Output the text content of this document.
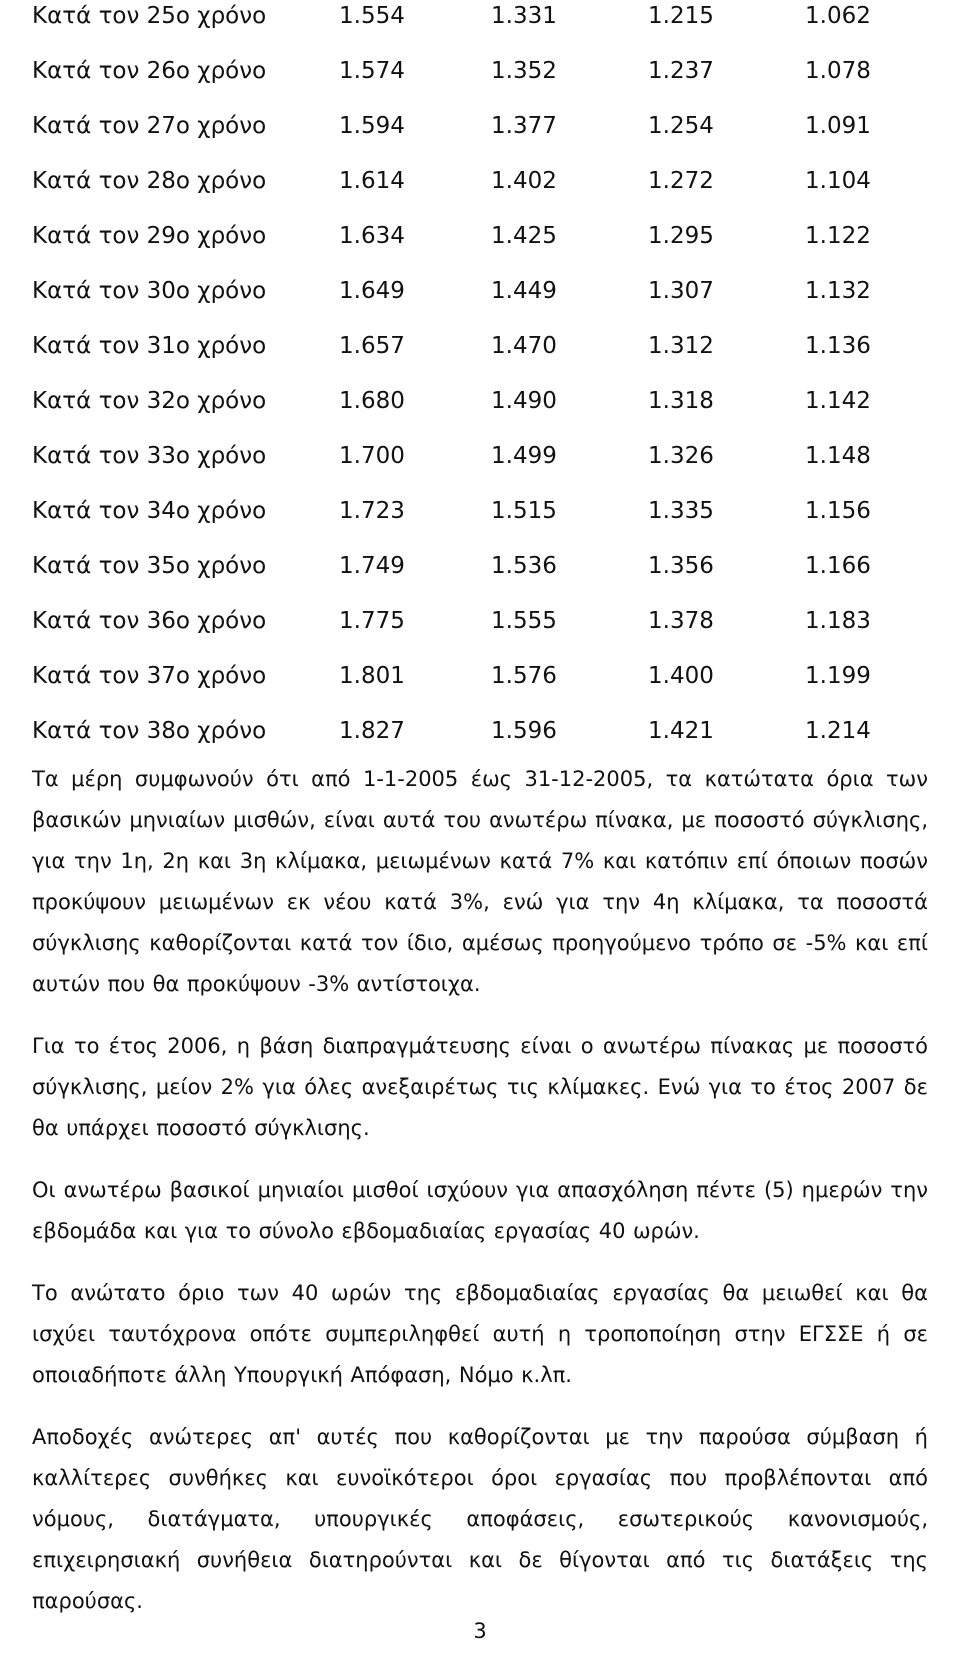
Κατά τον 25ο χρόνο	1.554	1.331	1.215	1.062
Κατά τον 26ο χρόνο	1.574	1.352	1.237	1.078
Κατά τον 27ο χρόνο	1.594	1.377	1.254	1.091
Κατά τον 28ο χρόνο	1.614	1.402	1.272	1.104
Κατά τον 29ο χρόνο	1.634	1.425	1.295	1.122
Κατά τον 30ο χρόνο	1.649	1.449	1.307	1.132
Κατά τον 31ο χρόνο	1.657	1.470	1.312	1.136
Κατά τον 32ο χρόνο	1.680	1.490	1.318	1.142
Κατά τον 33ο χρόνο	1.700	1.499	1.326	1.148
Κατά τον 34ο χρόνο	1.723	1.515	1.335	1.156
Κατά τον 35ο χρόνο	1.749	1.536	1.356	1.166
Κατά τον 36ο χρόνο	1.775	1.555	1.378	1.183
Κατά τον 37ο χρόνο	1.801	1.576	1.400	1.199
Κατά τον 38ο χρόνο	1.827	1.596	1.421	1.214

Τα μέρη συμφωνούν ότι από 1-1-2005 έως 31-12-2005, τα κατώτατα όρια των βασικών μηνιαίων μισθών, είναι αυτά του ανωτέρω πίνακα, με ποσοστό σύγκλισης, για την 1η, 2η και 3η κλίμακα, μειωμένων κατά 7% και κατόπιν επί όποιων ποσών προκύψουν μειωμένων εκ νέου κατά 3%, ενώ για την 4η κλίμακα, τα ποσοστά σύγκλισης καθορίζονται κατά τον ίδιο, αμέσως προηγούμενο τρόπο σε -5% και επί αυτών που θα προκύψουν -3% αντίστοιχα.

Για το έτος 2006, η βάση διαπραγμάτευσης είναι ο ανωτέρω πίνακας με ποσοστό σύγκλισης, μείον 2% για όλες ανεξαιρέτως τις κλίμακες. Ενώ για το έτος 2007 δε θα υπάρχει ποσοστό σύγκλισης.

Οι ανωτέρω βασικοί μηνιαίοι μισθοί ισχύουν για απασχόληση πέντε (5) ημερών την εβδομάδα και για το σύνολο εβδομαδιαίας εργασίας 40 ωρών.

Το ανώτατο όριο των 40 ωρών της εβδομαδιαίας εργασίας θα μειωθεί και θα ισχύει ταυτόχρονα οπότε συμπεριληφθεί αυτή η τροποποίηση στην ΕΓΣΣΕ ή σε οποιαδήποτε άλλη Υπουργική Απόφαση, Νόμο κ.λπ.

Αποδοχές ανώτερες απ' αυτές που καθορίζονται με την παρούσα σύμβαση ή καλλίτερες συνθήκες και ευνοϊκότεροι όροι εργασίας που προβλέπονται από νόμους, διατάγματα, υπουργικές αποφάσεις, εσωτερικούς κανονισμούς, επιχειρησιακή συνήθεια διατηρούνται και δε θίγονται από τις διατάξεις της παρούσας.

3
